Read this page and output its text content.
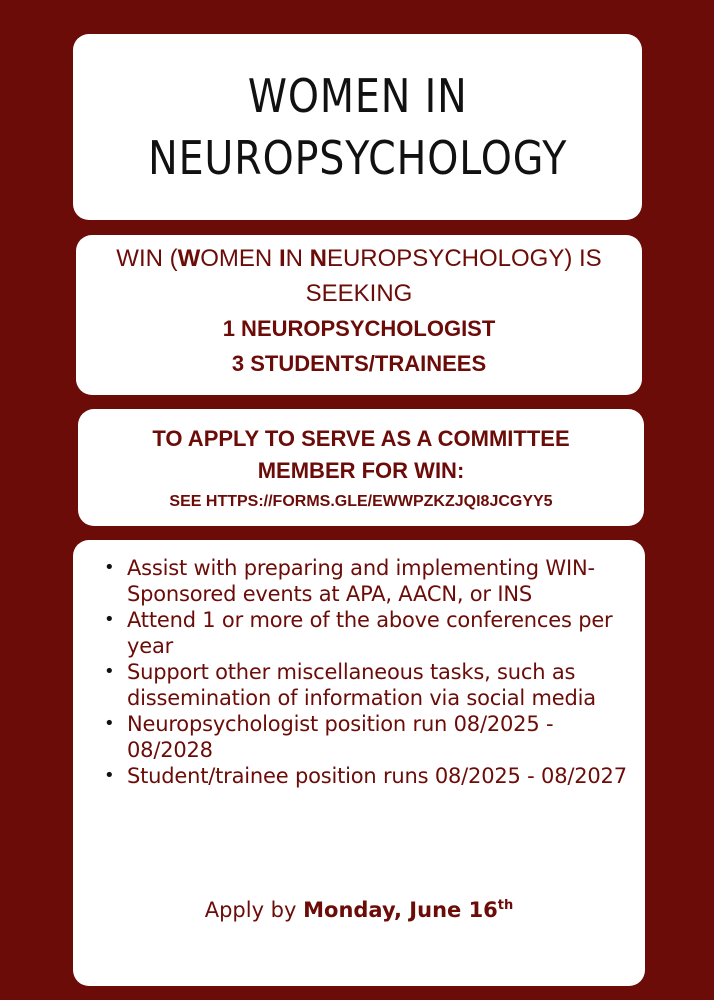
WOMEN IN
NEUROPSYCHOLOGY
WIN (WOMEN IN NEUROPSYCHOLOGY) IS
SEEKING
1 NEUROPSYCHOLOGIST
3 STUDENTS/TRAINEES
TO APPLY TO SERVE AS A COMMITTEE
MEMBER FOR WIN:
SEE HTTPS://FORMS.GLE/EWWPZKZJQI8JCGYY5
• Assist with preparing and implementing WIN-Sponsored events at APA, AACN, or INS
• Attend 1 or more of the above conferences per year
• Support other miscellaneous tasks, such as dissemination of information via social media
• Neuropsychologist position run 08/2025 - 08/2028
• Student/trainee position runs 08/2025 - 08/2027
Apply by Monday, June 16th
